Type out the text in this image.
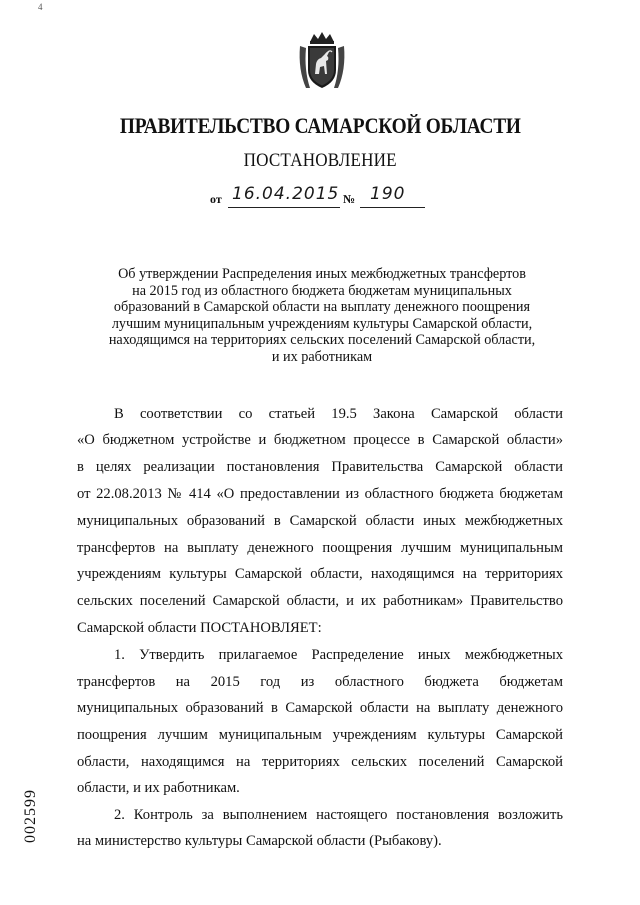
4
ПРАВИТЕЛЬСТВО САМАРСКОЙ ОБЛАСТИ
ПОСТАНОВЛЕНИЕ
от 16.04.2015 № 190

Об утверждении Распределения иных межбюджетных трансфертов

на 2015 год из областного бюджета бюджетам муниципальных

образований в Самарской области на выплату денежного поощрения

лучшим муниципальным учреждениям культуры Самарской области,

находящимся на территориях сельских поселений Самарской области,

и их работникам

В соответствии со статьей 19.5 Закона Самарской области
«О бюджетном устройстве и бюджетном процессе в Самарской области»
в целях реализации постановления Правительства Самарской области
от 22.08.2013 № 414 «О предоставлении из областного бюджета бюджетам
муниципальных образований в Самарской области иных межбюджетных
трансфертов на выплату денежного поощрения лучшим муниципальным
учреждениям культуры Самарской области, находящимся на территориях
сельских поселений Самарской области, и их работникам» Правительство
Самарской области ПОСТАНОВЛЯЕТ:
1. Утвердить прилагаемое Распределение иных межбюджетных
трансфертов на 2015 год из областного бюджета бюджетам
муниципальных образований в Самарской области на выплату денежного
поощрения лучшим муниципальным учреждениям культуры Самарской
области, находящимся на территориях сельских поселений Самарской
области, и их работникам.
2. Контроль за выполнением настоящего постановления возложить
на министерство культуры Самарской области (Рыбакову).
002599
